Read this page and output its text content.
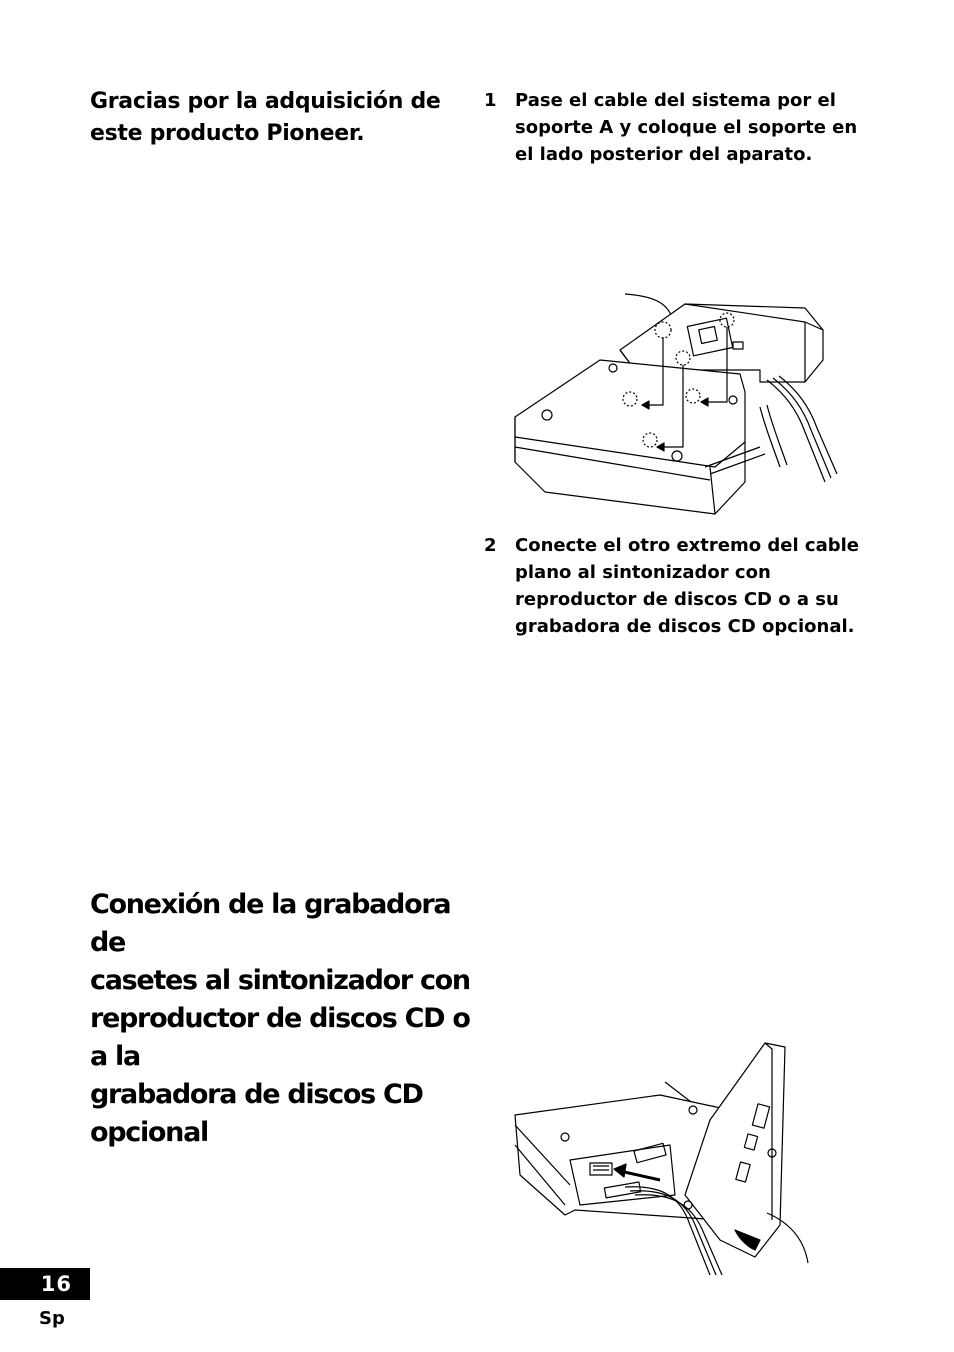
Gracias por la adquisición de
este producto Pioneer.
1 Pase el cable del sistema por el soporte A y coloque el soporte en el lado posterior del aparato.
2 Conecte el otro extremo del cable plano al sintonizador con reproductor de discos CD o a su grabadora de discos CD opcional.
Conexión de la grabadora de
casetes al sintonizador con
reproductor de discos CD o a la
grabadora de discos CD opcional
16
Sp
